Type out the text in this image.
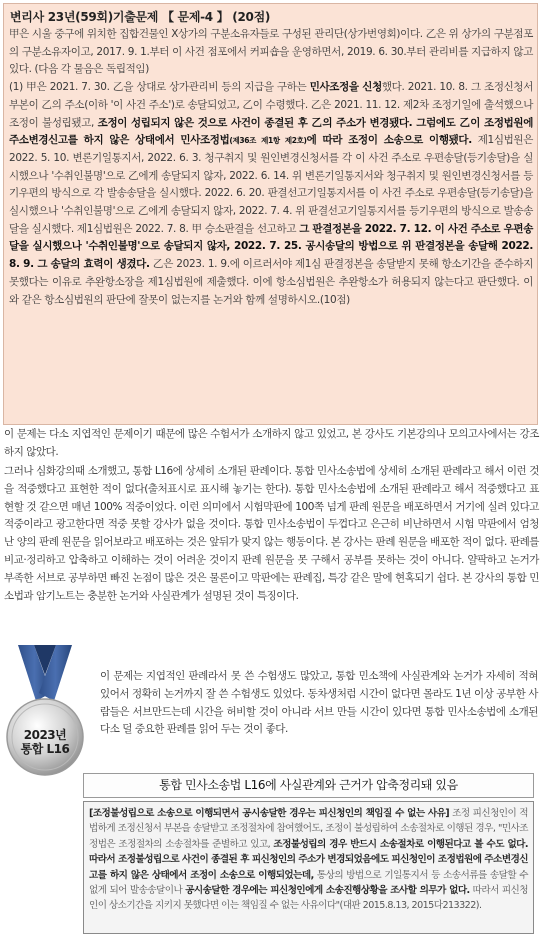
변리사 23년(59회)기출문제 【 문제-4 】 (20점)
甲은 시울 중구에 위치한 집합건물인 X상가의 구분소유자들로 구성된 관리단(상가번영회)이다. 乙은 위 상가의 구분점포의 구분소유자이고, 2017. 9. 1.부터 이 사건 점포에서 커피숍을 운영하면서, 2019. 6. 30.부터 관리비를 지급하지 않고 있다. (다음 각 물음은 독립적임)
(1) 甲은 2021. 7. 30. 乙을 상대로 상가관리비 등의 지급을 구하는 민사조정을 신청했다. 2021. 10. 8. 그 조정신청서 부본이 乙의 주소(이하 '이 사건 주소')로 송달되었고, 乙이 수령했다. 乙은 2021. 11. 12. 제2차 조정기일에 출석했으나 조정이 불성립됐고, 조정이 성립되지 않은 것으로 사건이 종결된 후 乙의 주소가 변경됐다. 그럼에도 乙이 조정법원에 주소변경신고를 하지 않은 상태에서 민사조정법(제36조 제1항 제2호)에 따라 조정이 소송으로 이행됐다. 제1심법원은 2022. 5. 10. 변론기일통지서, 2022. 6. 3. 청구취지 및 원인변경신청서를 각 이 사건 주소로 우편송달(등기송달)을 실시했으나 '수취인불명'으로 乙에게 송달되지 않자, 2022. 6. 14. 위 변론기일통지서와 청구취지 및 원인변경신청서를 등기우편의 방식으로 각 발송송달을 실시했다. 2022. 6. 20. 판결선고기일통지서를 이 사건 주소로 우편송달(등기송달)을 실시했으나 '수취인불명'으로 乙에게 송달되지 않자, 2022. 7. 4. 위 판결선고기일통지서를 등기우편의 방식으로 발송송달을 실시했다. 제1심법원은 2022. 7. 8. 甲 승소판결을 선고하고 그 판결정본을 2022. 7. 12. 이 사건 주소로 우편송달을 실시했으나 '수취인불명'으로 송달되지 않자, 2022. 7. 25. 공시송달의 방법으로 위 판결정본을 송달해 2022. 8. 9. 그 송달의 효력이 생겼다. 乙은 2023. 1. 9.에 이르러서야 제1심 판결정본을 송달받지 못해 항소기간을 준수하지 못했다는 이유로 추완항소장을 제1심법원에 제출했다. 이에 항소심법원은 추완항소가 허용되지 않는다고 판단했다. 이와 같은 항소심법원의 판단에 잘못이 없는지를 논거와 함께 설명하시오.(10점)
이 문제는 다소 지엽적인 문제이기 때문에 많은 수험서가 소개하지 않고 있었고, 본 강사도 기본강의나 모의고사에서는 강조하지 않았다.
그러나 심화강의때 소개했고, 통합 L16에 상세히 소개된 판례이다. 통합 민사소송법에 상세히 소개된 판례라고 해서 이런 것을 적중했다고 표현한 적이 없다(출처표시로 표시해 놓기는 한다). 통합 민사소송법에 소개된 판례라고 해서 적중했다고 표현할 것 같으면 매년 100% 적중이었다. 이런 의미에서 시험막판에 100쪽 넘게 판례 원문을 배포하면서 거기에 실려 있다고 적중이라고 광고한다면 적중 못할 강사가 없을 것이다. 통합 민사소송법이 두껍다고 은근히 비난하면서 시험 막판에서 엄청난 양의 판례 원문을 읽어보라고 배포하는 것은 앞뒤가 맞지 않는 행동이다. 본 강사는 판례 원문을 배포한 적이 없다. 판례를 비교·정리하고 압축하고 이해하는 것이 어려운 것이지 판례 원문을 못 구해서 공부를 못하는 것이 아니다. 얄팍하고 논거가 부족한 서브로 공부하면 빠진 논점이 많은 것은 물론이고 막판에는 판례집, 특강 같은 말에 현혹되기 쉽다. 본 강사의 통합 민소법과 암기노트는 충분한 논거와 사실관계가 설명된 것이 특징이다.
2023년
통합 L16
이 문제는 지엽적인 판례라서 못 쓴 수험생도 많았고, 통합 민소책에 사실관계와 논거가 자세히 적혀 있어서 정확히 논거까지 잘 쓴 수험생도 있었다. 동차생처럼 시간이 없다면 몰라도 1년 이상 공부한 사람들은 서브만드는데 시간을 허비할 것이 아니라 서브 만들 시간이 있다면 통합 민사소송법에 소개된 다소 덜 중요한 판례를 읽어 두는 것이 좋다.
통합 민사소송법 L16에 사실관계와 근거가 압축정리돼 있음
[조정불성립으로 소송으로 이행되면서 공시송달한 경우는 피신청인의 책임질 수 없는 사유] 조정 피신청인이 적법하게 조정신청서 부본을 송달받고 조정절차에 참여했어도, 조정이 불성립하여 소송절차로 이행된 경우, "민사조정법은 조정절차의 소송절차를 준별하고 있고, 조정불성립의 경우 반드시 소송절차로 이행된다고 볼 수도 없다. 따라서 조정불성립으로 사건이 종결된 후 피신청인의 주소가 변경되었음에도 피신청인이 조정법원에 주소변경신고를 하지 않은 상태에서 조정이 소송으로 이행되었는데, 통상의 방법으로 기일통지서 등 소송서류를 송달할 수 없게 되어 발송송달이나 공시송달한 경우에는 피신청인에게 소송진행상황을 조사할 의무가 없다. 따라서 피신청인이 상소기간을 지키지 못했다면 이는 책임질 수 없는 사유이다"(대판 2015.8.13, 2015다213322).
